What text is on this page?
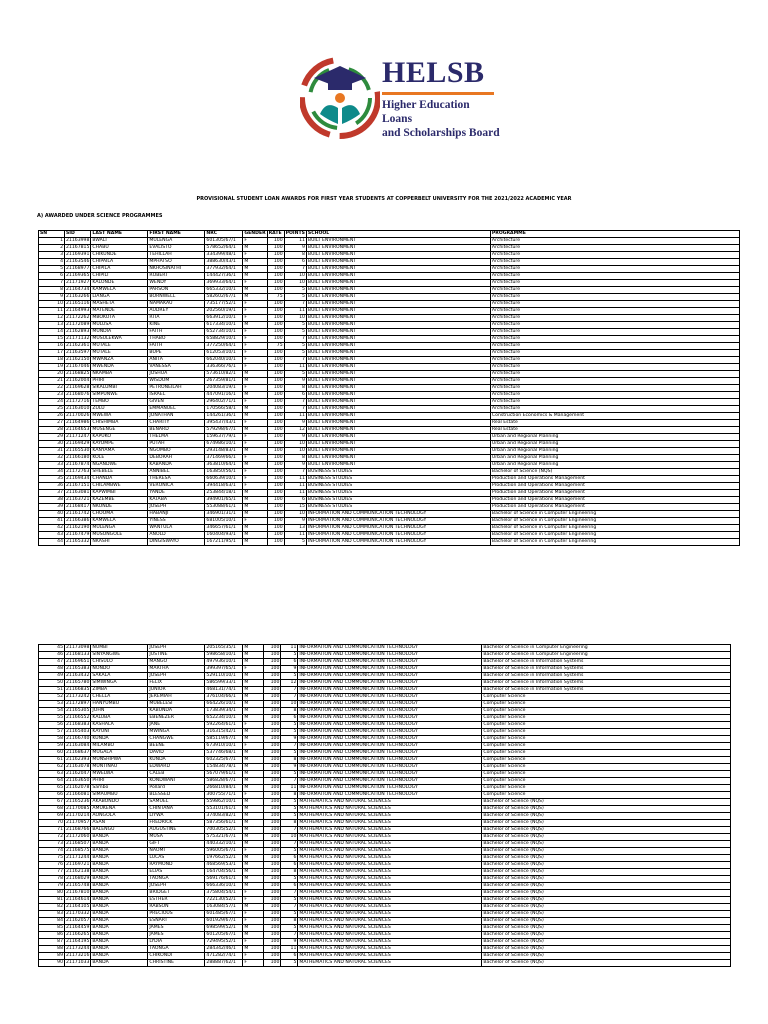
HELSB
Higher Education Loans
and Scholarships Board
PROVISIONAL STUDENT LOAN AWARDS FOR FIRST YEAR STUDENTS AT COPPERBELT UNIVERSITY FOR THE 2021/2022 ACADEMIC YEAR
A) AWARDED UNDER SCIENCE PROGRAMMES
SN	SID	LAST NAME	FIRST NAME	NRC	GENDER	RATE	POINTS	SCHOOL	PROGRAMME
1	21163998	BWALI	MULENGA	601305/67/1	F	100	11	BUILT ENVIRONMENT	Architecture
2	21167815	CHABU	EVALISTO	578652/64/1	M	100	9	BUILT ENVIRONMENT	Architecture
3	21169391	CHIKUNDE	TEHILLAH	334399/48/1	F	100	8	BUILT ENVIRONMENT	Architecture
4	21163546	CHIPAILA	MPHATSO	388630/43/1	M	100	6	BUILT ENVIRONMENT	Architecture
5	21168977	CHIPILA	NKHOSINATHI	377932/64/1	M	100	7	BUILT ENVIRONMENT	Architecture
6	21169365	CHIPILI	ROBERT	144427/36/1	M	100	10	BUILT ENVIRONMENT	Architecture
7	21171927	KALONDE	WENDY	369933/64/1	F	100	10	BUILT ENVIRONMENT	Architecture
8	21164734	KAMWELA	PARSON	665332/10/1	M	100	5	BUILT ENVIRONMENT	Architecture
9	21163266	LIANGA	BORNWELL	582602/67/1	M	75	5	BUILT ENVIRONMENT	Architecture
10	21165116	MASHETA	NAMAKAU	735177/52/1	F	100	7	BUILT ENVIRONMENT	Architecture
11	21164993	MATENDE	AUDREY	202560/19/1	F	100	11	BUILT ENVIRONMENT	Architecture
12	21172262	MBOKOTA	RITA	663912/10/1	F	100	10	BUILT ENVIRONMENT	Architecture
13	21172089	MULUSA	KINE	617334/10/1	M	100	5	BUILT ENVIRONMENT	Architecture
14	21162893	MUNDIA	FAITH	652734/10/1	F	100	5	BUILT ENVIRONMENT	Architecture
15	21171132	MUSULEKWA	THABO	658829/10/1	F	100	7	BUILT ENVIRONMENT	Architecture
16	21162361	MUTALE	FAITH	377250/64/1	F	75	5	BUILT ENVIRONMENT	Architecture
17	21163597	MUTALE	BUPE	612053/10/1	F	100	5	BUILT ENVIRONMENT	Architecture
18	21162150	MWANZA	ANITA	662040/10/1	F	100	7	BUILT ENVIRONMENT	Architecture
19	21167046	MWENDA	VANESSA	336366/76/1	F	100	11	BUILT ENVIRONMENT	Architecture
20	21168825	NKAMBA	JOSHUA	573610/82/1	M	100	5	BUILT ENVIRONMENT	Architecture
21	21162004	PHIRI	WISDOM	267359/81/1	M	100	9	BUILT ENVIRONMENT	Architecture
22	21169628	SIKALUMBI	PETRONEILAH	204083/19/1	F	100	8	BUILT ENVIRONMENT	Architecture
23	21168076	SIMPUNWE	ISRAEL	447091/16/1	M	100	6	BUILT ENVIRONMENT	Architecture
24	21172716	TEMBO	GIVEN	296402/71/1	F	100	7	BUILT ENVIRONMENT	Architecture
25	21163010	ZULU	EMMANUEL	170566/58/1	M	100	7	BUILT ENVIRONMENT	Architecture
26	21170026	MWEWA	JONATHAN	144261/36/1	M	100	11	BUILT ENVIRONMENT	Construction Economics & Management
27	21164986	CHISHIMBA	CHARITY	395437/43/1	F	100	9	BUILT ENVIRONMENT	Real Estate
28	21164653	MUSENGE	BENARD	579298/67/1	M	100	12	BUILT ENVIRONMENT	Real Estate
29	21171247	KAPUKO	THELMA	159637/79/1	F	100	9	BUILT ENVIRONMENT	Urban and Regional Planning
30	21169429	KAYOMPE	PUTAH	674986/10/1	F	100	10	BUILT ENVIRONMENT	Urban and Regional Planning
31	21165530	KANYAMA	NGOMBO	293148/83/1	M	100	10	BUILT ENVIRONMENT	Urban and Regional Planning
32	21166180	KOLE	DEBORAH	371469/66/1	F	100	8	BUILT ENVIRONMENT	Urban and Regional Planning
33	21167874	NGANDWE	KABANDA	363810/64/1	M	100	9	BUILT ENVIRONMENT	Urban and Regional Planning
34	21172763	SHEBELE	ANNIBEL	163850/56/1	F	100	7	BUSINESS STUDIES	Bachelor of Science (NQS)
35	21169434	CHANDA	THERESA	660639/10/1	F	100	11	BUSINESS STUDIES	Production and Operations Management
36	21167151	CHILAMBWE	VERONICA	394418/63/1	F	100	11	BUSINESS STUDIES	Production and Operations Management
37	21163081	KAPWIMBI	YANDE	253844/18/1	M	100	11	BUSINESS STUDIES	Production and Operations Management
38	21163721	KAZEMBE	KATABA	394901/65/1	M	100	6	BUSINESS STUDIES	Production and Operations Management
39	21168417	NKONDE	JOSEPH	553088/61/1	M	100	15	BUSINESS STUDIES	Production and Operations Management
40	21161742	CHOOMA	HABANJI	346901/31/1	M	100	10	INFORMATION AND COMMUNICATION TECHNOLOGY	Bachelor of Science in Computer Engineering
41	21166386	KAMWELA	YINESS	681005/10/1	F	100	9	INFORMATION AND COMMUNICATION TECHNOLOGY	Bachelor of Science in Computer Engineering
42	21162190	MULENGA	WANTULA	346657/61/1	M	100	13	INFORMATION AND COMMUNICATION TECHNOLOGY	Bachelor of Science in Computer Engineering
43	21167479	MUSONGOLE	ANOLD	160404/93/1	M	100	11	INFORMATION AND COMMUNICATION TECHNOLOGY	Bachelor of Science in Computer Engineering
44	21165332	NKASHI	DINGISWAYO	167211/95/1	M	100	5	INFORMATION AND COMMUNICATION TECHNOLOGY	Bachelor of Science in Computer Engineering
45	21173098	NUMBI	JOSEPH	205165/35/1	M	100	11	INFORMATION AND COMMUNICATION TECHNOLOGY	Bachelor of Science in Computer Engineering
46	21168133	SINYANGWE	JUSTINE	598658/10/1	M	100	5	INFORMATION AND COMMUNICATION TECHNOLOGY	Bachelor of Science in Computer Engineering
47	21169651	CHISULO	MANGO	497936/10/1	M	100	6	INFORMATION AND COMMUNICATION TECHNOLOGY	Bachelor of Science in Information Systems
48	21165383	NONDO	MARTHA	399397/65/1	F	100	9	INFORMATION AND COMMUNICATION TECHNOLOGY	Bachelor of Science in Information Systems
49	21163432	SAKALA	JOSEPH	529110/10/1	M	100	5	INFORMATION AND COMMUNICATION TECHNOLOGY	Bachelor of Science in Information Systems
50	21165780	SIMWINGA	FELIX	586599/33/1	M	100	12	INFORMATION AND COMMUNICATION TECHNOLOGY	Bachelor of Science in Information Systems
51	21166835	ZIMBA	JUNIOR	468131/74/1	M	100	7	INFORMATION AND COMMUNICATION TECHNOLOGY	Bachelor of Science in Information Systems
52	21173242	CHELLA	JEREMIAH	376104/66/1	M	100	7	INFORMATION AND COMMUNICATION TECHNOLOGY	Computer Science
53	21172897	HANYUMBU	MUBELESI	664226/10/1	M	100	10	INFORMATION AND COMMUNICATION TECHNOLOGY	Computer Science
54	21165305	JOHN	KABUNDA	173839/34/1	M	100	8	INFORMATION AND COMMUNICATION TECHNOLOGY	Computer Science
55	21166552	KALUBA	EBENEZER	652234/10/1	M	100	6	INFORMATION AND COMMUNICATION TECHNOLOGY	Computer Science
56	21168383	KASHALA	JANE	592264/61/1	F	100	5	INFORMATION AND COMMUNICATION TECHNOLOGY	Computer Science
57	21165403	KAYUNI	MWINGA	316315/42/1	M	100	5	INFORMATION AND COMMUNICATION TECHNOLOGY	Computer Science
58	21166740	KUNDA	CHANGWE	585119/67/1	M	100	9	INFORMATION AND COMMUNICATION TECHNOLOGY	Computer Science
59	21163084	MILAMBO	BEENE	673910/10/1	F	100	7	INFORMATION AND COMMUNICATION TECHNOLOGY	Computer Science
60	21168637	MUGALA	DAVID	537746/68/1	M	100	5	INFORMATION AND COMMUNICATION TECHNOLOGY	Computer Science
61	21162393	MUNSHIPWA	KUNDA	602325/67/1	M	100	8	INFORMATION AND COMMUNICATION TECHNOLOGY	Computer Science
62	21163078	MUNTINAU	EDWARD	154834/78/1	M	100	9	INFORMATION AND COMMUNICATION TECHNOLOGY	Computer Science
63	21162047	MWELWA	CALEB	567079/61/1	M	100	5	INFORMATION AND COMMUNICATION TECHNOLOGY	Computer Science
64	21163650	PHIRI	KONDWANI	586828/67/1	M	100	7	INFORMATION AND COMMUNICATION TECHNOLOGY	Computer Science
65	21162078	Sambo	Pollard	266810/84/1	M	100	11	INFORMATION AND COMMUNICATION TECHNOLOGY	Computer Science
66	21166081	SIMAUMBU	BLESSED	300755/71/1	F	100	8	INFORMATION AND COMMUNICATION TECHNOLOGY	Computer Science
67	21165236	AKABONDO	SAMUEL	559862/10/1	M	100	5	MATHEMATICS AND NATURAL SCIENCES	Bachelor of Science (NQS)
68	21170085	AMUKENA	CHINTANA	553101/61/1	M	100	5	MATHEMATICS AND NATURAL SCIENCES	Bachelor of Science (NQS)
69	21170214	AONGOLA	LIYWA	374083/82/1	M	100	5	MATHEMATICS AND NATURAL SCIENCES	Bachelor of Science (NQS)
70	21170957	ASAN	FREDRICK	587356/61/1	M	100	8	MATHEMATICS AND NATURAL SCIENCES	Bachelor of Science (NQS)
71	21168766	BALENGU	AUGUSTINE	700305/52/1	M	100	7	MATHEMATICS AND NATURAL SCIENCES	Bachelor of Science (NQS)
72	21172060	BANDA	MUSA	575321/67/1	M	100	10	MATHEMATICS AND NATURAL SCIENCES	Bachelor of Science (NQS)
73	21168507	BANDA	GIFT	440332/10/1	M	100	7	MATHEMATICS AND NATURAL SCIENCES	Bachelor of Science (NQS)
74	21168575	BANDA	NAOMI	596005/67/1	F	100	5	MATHEMATICS AND NATURAL SCIENCES	Bachelor of Science (NQS)
75	21171244	BANDA	LUCAS	197662/52/1	M	100	6	MATHEMATICS AND NATURAL SCIENCES	Bachelor of Science (NQS)
76	21169721	BANDA	RAYMOND	468569/53/1	M	100	6	MATHEMATICS AND NATURAL SCIENCES	Bachelor of Science (NQS)
77	21162138	BANDA	ELIAS	164704/56/1	M	100	8	MATHEMATICS AND NATURAL SCIENCES	Bachelor of Science (NQS)
78	21168029	BANDA	TAONGA	569176/61/1	M	100	5	MATHEMATICS AND NATURAL SCIENCES	Bachelor of Science (NQS)
79	21165748	BANDA	JOSEPH	666336/10/1	M	100	6	MATHEMATICS AND NATURAL SCIENCES	Bachelor of Science (NQS)
80	21167810	BANDA	BRIDGET	375804/54/1	F	100	7	MATHEMATICS AND NATURAL SCIENCES	Bachelor of Science (NQS)
81	21164614	BANDA	ESTHER	722130/52/1	F	100	5	MATHEMATICS AND NATURAL SCIENCES	Bachelor of Science (NQS)
82	21164105	BANDA	RABSON	163084/57/1	M	100	7	MATHEMATICS AND NATURAL SCIENCES	Bachelor of Science (NQS)
83	21170332	BANDA	PRECIOUS	601485/67/1	F	100	5	MATHEMATICS AND NATURAL SCIENCES	Bachelor of Science (NQS)
84	21162057	BANDA	ESNART	601929/67/1	F	100	8	MATHEMATICS AND NATURAL SCIENCES	Bachelor of Science (NQS)
85	21164459	BANDA	JAMES	698599/52/1	M	100	5	MATHEMATICS AND NATURAL SCIENCES	Bachelor of Science (NQS)
86	21166265	BANDA	JAMES	601205/67/1	M	100	7	MATHEMATICS AND NATURAL SCIENCES	Bachelor of Science (NQS)
87	21164195	BANDA	LYDIA	729495/52/1	F	100	9	MATHEMATICS AND NATURAL SCIENCES	Bachelor of Science (NQS)
88	21173244	BANDA	TAONGA	284342/46/1	M	100	11	MATHEMATICS AND NATURAL SCIENCES	Bachelor of Science (NQS)
89	21173216	BANDA	CHIKONDI	471282/74/1	F	100	6	MATHEMATICS AND NATURAL SCIENCES	Bachelor of Science (NQS)
90	21171033	BANDA	CHRISTINE	288887/62/1	F	100	5	MATHEMATICS AND NATURAL SCIENCES	Bachelor of Science (NQS)
